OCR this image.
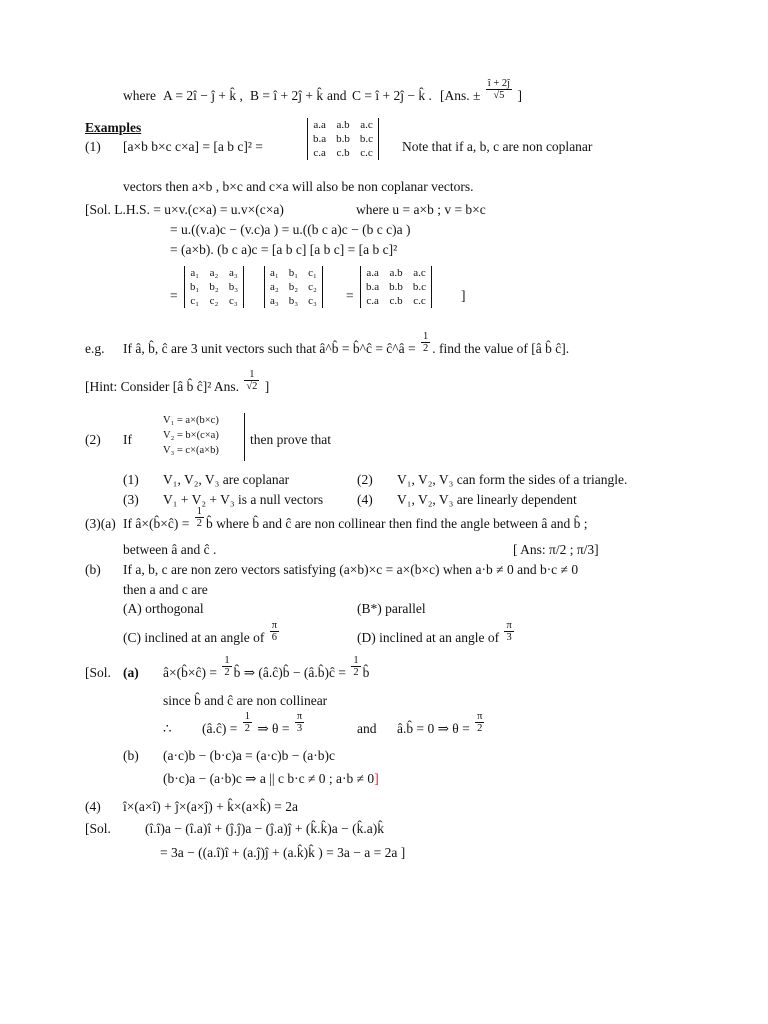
where A = 2î − ĵ + k̂ , B = î + 2ĵ + k̂ and C = î + 2ĵ − k̂ . [Ans. ± $\frac{î + 2ĵ}{√5}$ ]
Examples
(1) [a×b b×c c×a] = [a b c]² =
a.a	a.b	a.c
b.a	b.b	b.c
c.a	c.b	c.c Note that if a, b, c are non coplanar
vectors then a×b , b×c and c×a will also be non coplanar vectors.
[Sol. L.H.S. = u×v.(c×a) = u.v×(c×a)	where u = a×b ; v = b×c
= u.((v.a)c − (v.c)a ) = u.((b c a)c − (b c c)a )
= (a×b). (b c a)c = [a b c] [a b c] = [a b c]²
=
a₁	a₂	a₃
b₁	b₂	b₃
c₁	c₂	c₃
a₁	b₁	c₁
a₂	b₂	c₂
a₃	b₃	c₃ =
a.a	a.b	a.c
b.a	b.b	b.c
c.a	c.b	c.c	]
e.g. If â, b̂, ĉ are 3 unit vectors such that â^b̂ = b̂^ĉ = ĉ^â = $\frac{1}{2}$ . find the value of [â b̂ ĉ].
[Hint: Consider [â b̂ ĉ]² Ans. $\frac{1}{√2}$ ]
(2) If
V₁ = a×(b×c)
V₂ = b×(c×a)
V₃ = c×(a×b)
then prove that
(1) V₁, V₂, V₃ are coplanar	(2) V₁, V₂, V₃ can form the sides of a triangle.
(3) V₁ + V₂ + V₃ is a null vectors	(4) V₁, V₂, V₃ are linearly dependent
(3)(a) If â×(b̂×ĉ) = $\frac{1}{2}$ b̂ where b̂ and ĉ are non collinear then find the angle between â and b̂ ;
between â and ĉ .	[ Ans: π/2 ; π/3]
(b) If a, b, c are non zero vectors satisfying (a×b)×c = a×(b×c) when a·b ≠ 0 and b·c ≠ 0
then a and c are
(A) orthogonal	(B*) parallel
(C) inclined at an angle of $\frac{\pi}{6}$	(D) inclined at an angle of $\frac{\pi}{3}$
[Sol. (a) â×(b̂×ĉ) = $\frac{1}{2}$ b̂ ⇒ (â.ĉ)b̂ − (â.b̂)ĉ = $\frac{1}{2}$ b̂
since b̂ and ĉ are non collinear
∴ (â.ĉ) = $\frac{1}{2}$ ⇒ $\theta = \frac{\pi}{3}$	and â.b̂ = 0 ⇒ $\theta = \frac{\pi}{2}$
(b) (a·c)b − (b·c)a = (a·c)b − (a·b)c
(b·c)a − (a·b)c ⇒ a || c b·c ≠ 0 ; a·b ≠ 0]
(4) î×(a×î) + ĵ×(a×ĵ) + k̂×(a×k̂) = 2a
[Sol.	(î.î)a − (î.a)î + (ĵ.ĵ)a − (ĵ.a)ĵ + (k̂.k̂)a − (k̂.a)k̂
= 3a − ((a.î)î + (a.ĵ)ĵ + (a.k̂)k̂ ) = 3a − a = 2a ]
